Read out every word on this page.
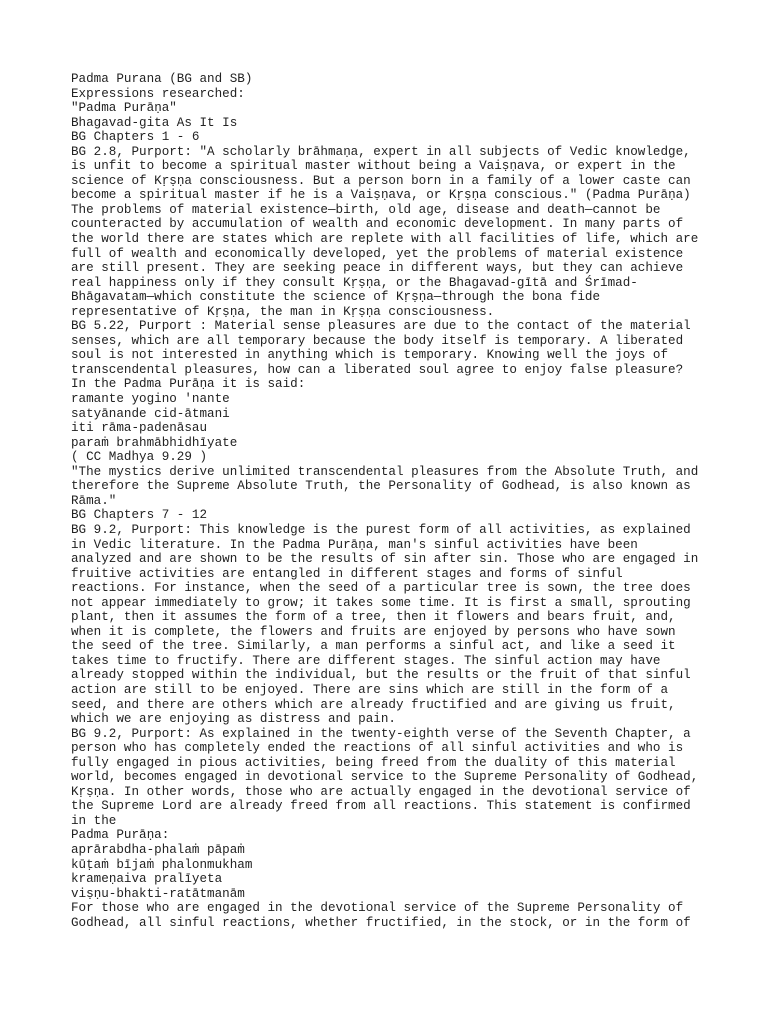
Padma Purana (BG and SB)
Expressions researched:
"Padma Purāṇa"
Bhagavad-gita As It Is
BG Chapters 1 - 6
BG 2.8, Purport: "A scholarly brāhmaṇa, expert in all subjects of Vedic knowledge,
is unfit to become a spiritual master without being a Vaiṣṇava, or expert in the
science of Kṛṣṇa consciousness. But a person born in a family of a lower caste can
become a spiritual master if he is a Vaiṣṇava, or Kṛṣṇa conscious." (Padma Purāṇa)
The problems of material existence—birth, old age, disease and death—cannot be
counteracted by accumulation of wealth and economic development. In many parts of
the world there are states which are replete with all facilities of life, which are
full of wealth and economically developed, yet the problems of material existence
are still present. They are seeking peace in different ways, but they can achieve
real happiness only if they consult Kṛṣṇa, or the Bhagavad-gītā and Śrīmad-
Bhāgavatam—which constitute the science of Kṛṣṇa—through the bona fide
representative of Kṛṣṇa, the man in Kṛṣṇa consciousness.
BG 5.22, Purport : Material sense pleasures are due to the contact of the material
senses, which are all temporary because the body itself is temporary. A liberated
soul is not interested in anything which is temporary. Knowing well the joys of
transcendental pleasures, how can a liberated soul agree to enjoy false pleasure?
In the Padma Purāṇa it is said:
ramante yogino 'nante
satyānande cid-ātmani
iti rāma-padenāsau
paraṁ brahmābhidhīyate
( CC Madhya 9.29 )
"The mystics derive unlimited transcendental pleasures from the Absolute Truth, and
therefore the Supreme Absolute Truth, the Personality of Godhead, is also known as
Rāma."
BG Chapters 7 - 12
BG 9.2, Purport: This knowledge is the purest form of all activities, as explained
in Vedic literature. In the Padma Purāṇa, man's sinful activities have been
analyzed and are shown to be the results of sin after sin. Those who are engaged in
fruitive activities are entangled in different stages and forms of sinful
reactions. For instance, when the seed of a particular tree is sown, the tree does
not appear immediately to grow; it takes some time. It is first a small, sprouting
plant, then it assumes the form of a tree, then it flowers and bears fruit, and,
when it is complete, the flowers and fruits are enjoyed by persons who have sown
the seed of the tree. Similarly, a man performs a sinful act, and like a seed it
takes time to fructify. There are different stages. The sinful action may have
already stopped within the individual, but the results or the fruit of that sinful
action are still to be enjoyed. There are sins which are still in the form of a
seed, and there are others which are already fructified and are giving us fruit,
which we are enjoying as distress and pain.
BG 9.2, Purport: As explained in the twenty-eighth verse of the Seventh Chapter, a
person who has completely ended the reactions of all sinful activities and who is
fully engaged in pious activities, being freed from the duality of this material
world, becomes engaged in devotional service to the Supreme Personality of Godhead,
Kṛṣṇa. In other words, those who are actually engaged in the devotional service of
the Supreme Lord are already freed from all reactions. This statement is confirmed
in the
Padma Purāṇa:
aprārabdha-phalaṁ pāpaṁ
kūṭaṁ bījaṁ phalonmukham
krameṇaiva pralīyeta
viṣṇu-bhakti-ratātmanām
For those who are engaged in the devotional service of the Supreme Personality of
Godhead, all sinful reactions, whether fructified, in the stock, or in the form of
